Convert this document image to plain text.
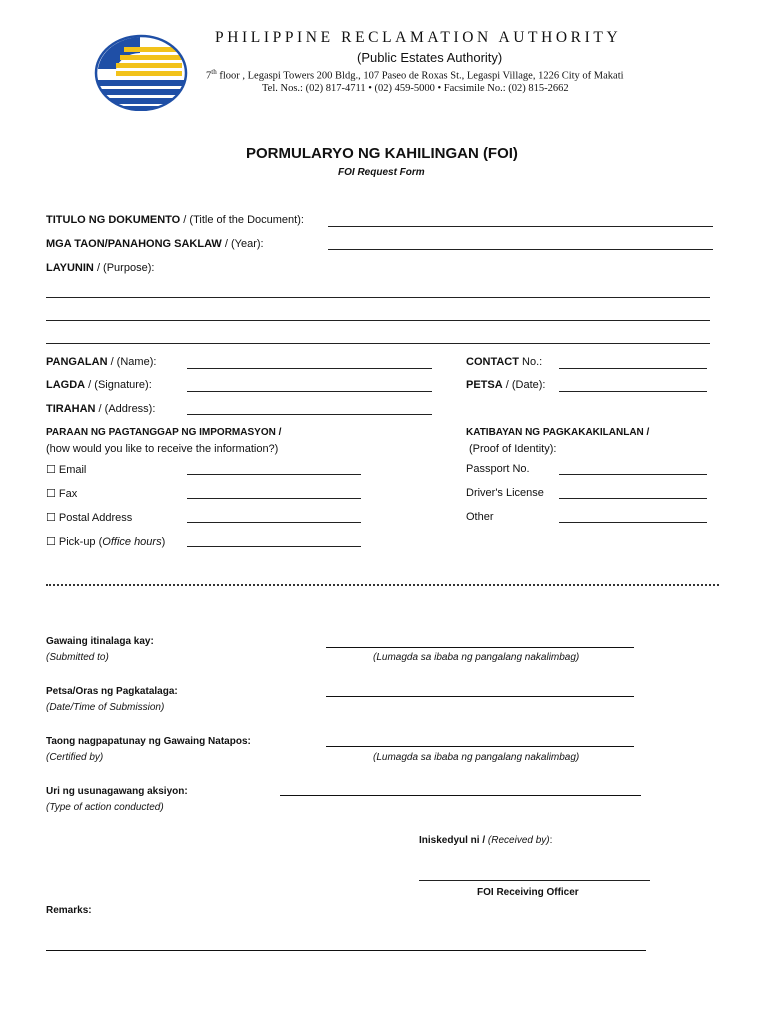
PHILIPPINE RECLAMATION AUTHORITY
(Public Estates Authority)
7th floor , Legaspi Towers 200 Bldg., 107 Paseo de Roxas St., Legaspi Village, 1226 City of Makati
Tel. Nos.: (02) 817-4711 • (02) 459-5000 • Facsimile No.: (02) 815-2662
PORMULARYO NG KAHILINGAN (FOI)
FOI Request Form
TITULO NG DOKUMENTO / (Title of the Document):
MGA TAON/PANAHONG SAKLAW / (Year):
LAYUNIN / (Purpose):
PANGALAN / (Name):	CONTACT No.:
LAGDA / (Signature):	PETSA / (Date):
TIRAHAN / (Address):
PARAAN NG PAGTANGGAP NG IMPORMASYON /
(how would you like to receive the information?)
☐ Email
☐ Fax
☐ Postal Address
☐ Pick-up (Office hours)
KATIBAYAN NG PAGKAKAKILANLAN /
(Proof of Identity):
Passport No.
Driver's License
Other
Gawaing itinalaga kay:
(Submitted to)	(Lumagda sa ibaba ng pangalang nakalimbag)
Petsa/Oras ng Pagkatalaga:
(Date/Time of Submission)
Taong nagpapatunay ng Gawaing Natapos:
(Certified by)	(Lumagda sa ibaba ng pangalang nakalimbag)
Uri ng usunagawang aksiyon:
(Type of action conducted)
Iniskedyul ni / (Received by):
FOI Receiving Officer
Remarks:
